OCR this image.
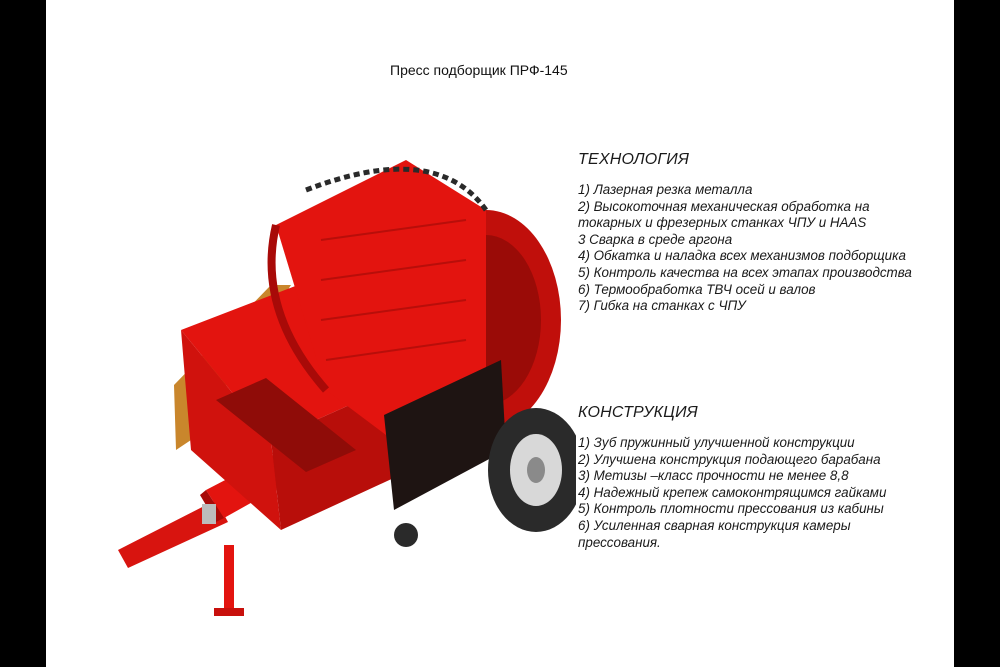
Пресс подборщик ПРФ-145
ТЕХНОЛОГИЯ

1) Лазерная резка металла

2) Высокоточная механическая обработка на токарных и фрезерных станках ЧПУ и HAAS

3 Сварка в среде аргона

4) Обкатка и наладка всех механизмов подборщика

5) Контроль качества на всех этапах производства

6) Термообработка ТВЧ осей и валов

7) Гибка на станках с ЧПУ

КОНСТРУКЦИЯ

1) Зуб пружинный улучшенной конструкции

2) Улучшена конструкция подающего барабана

3) Метизы –класс прочности не менее 8,8

4) Надежный крепеж самоконтрящимся гайками

5) Контроль плотности прессования из кабины

6) Усиленная сварная конструкция камеры прессования.
